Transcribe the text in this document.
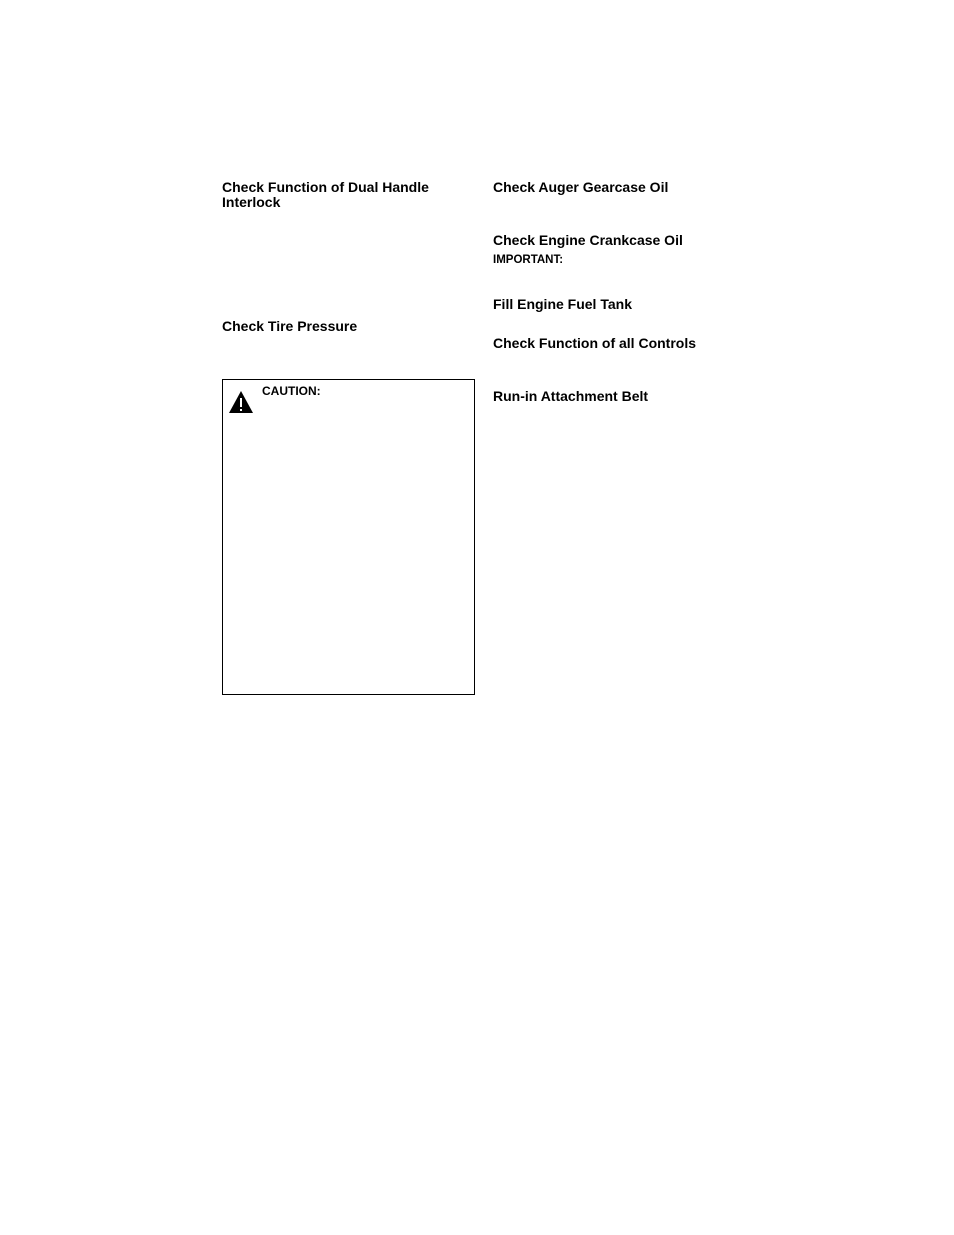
Check Function of Dual Handle Interlock
Check Tire Pressure
CAUTION:
Check Auger Gearcase Oil
Check Engine Crankcase Oil
IMPORTANT:
Fill Engine Fuel Tank
Check Function of all Controls
Run-in Attachment Belt
